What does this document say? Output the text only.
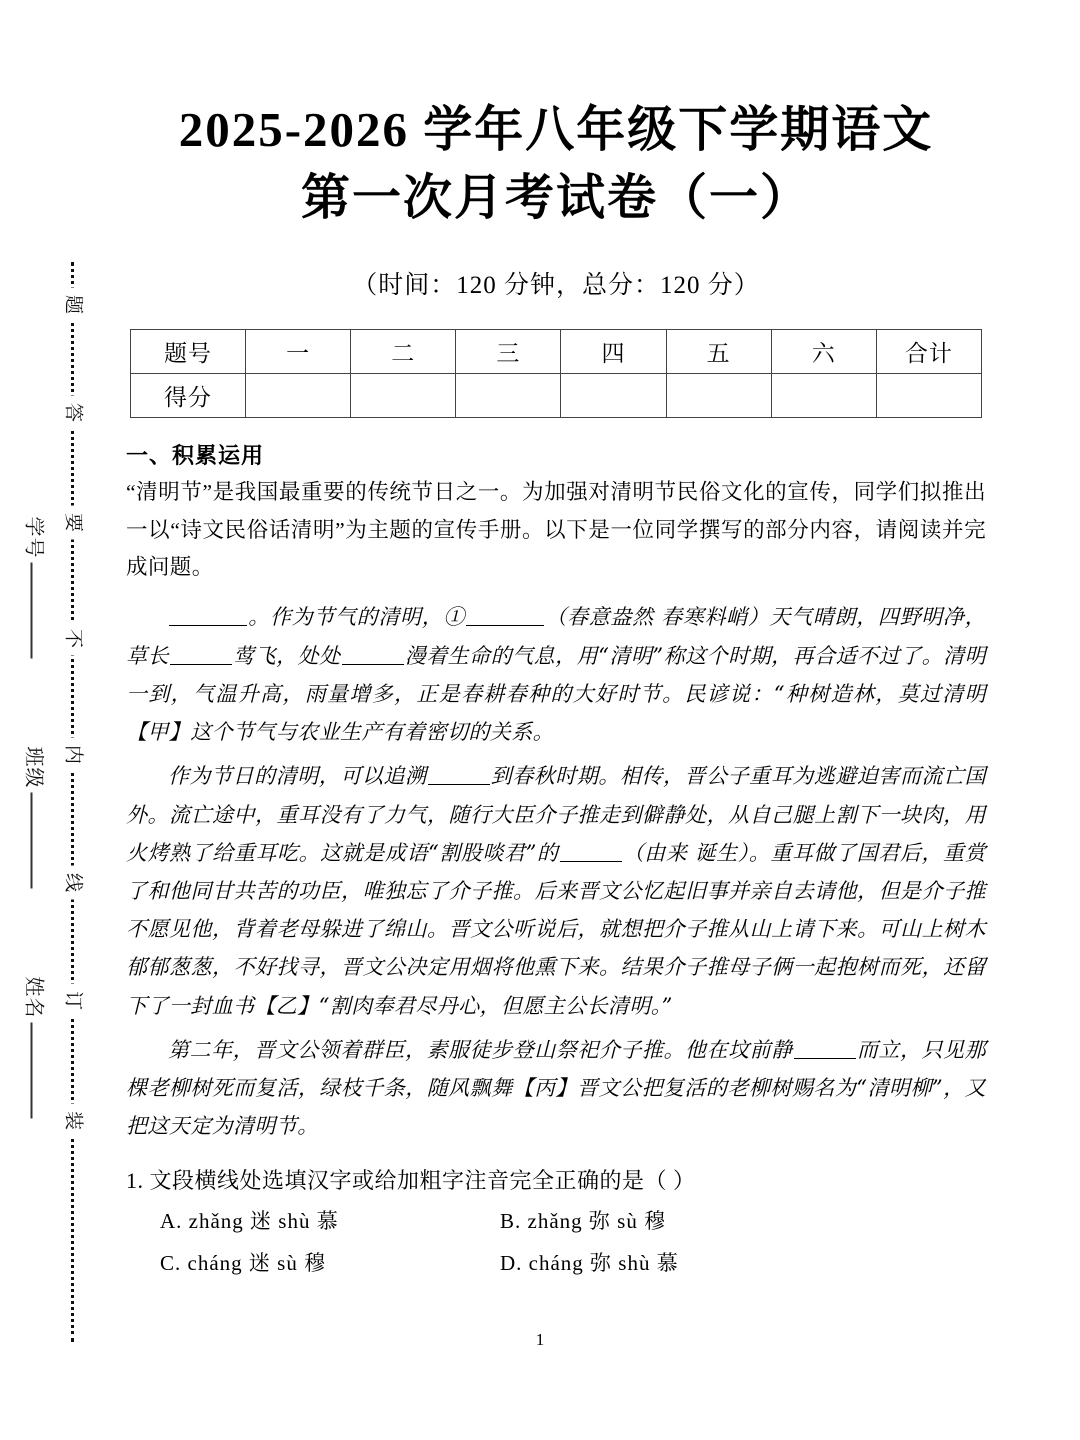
题
答
要
不
内
线
订
装
学号
班级
姓名
2025-2026 学年八年级下学期语文
第一次月考试卷（一）
（时间：120 分钟，总分：120 分）
题号	一	二	三	四	五	六	合计
得分							
一、积累运用

“清明节”是我国最重要的传统节日之一。为加强对清明节民俗文化的宣传，同学们拟推出一以“诗文民俗话清明”为主题的宣传手册。以下是一位同学撰写的部分内容，请阅读并完成问题。

。作为节气的清明，①	（春意盎然 春寒料峭）天气晴朗，四野明净，草长	莺飞，处处	漫着生命的气息，用“清明”称这个时期，再合适不过了。清明一到，气温升高，雨量增多，正是春耕春种的大好时节。民谚说：“种树造林，莫过清明【甲】这个节气与农业生产有着密切的关系。

作为节日的清明，可以追溯	到春秋时期。相传，晋公子重耳为逃避迫害而流亡国外。流亡途中，重耳没有了力气，随行大臣介子推走到僻静处，从自己腿上割下一块肉，用火烤熟了给重耳吃。这就是成语“割股啖君”的	（由来 诞生）。重耳做了国君后，重赏了和他同甘共苦的功臣，唯独忘了介子推。后来晋文公忆起旧事并亲自去请他，但是介子推不愿见他，背着老母躲进了绵山。晋文公听说后，就想把介子推从山上请下来。可山上树木郁郁葱葱，不好找寻，晋文公决定用烟将他熏下来。结果介子推母子俩一起抱树而死，还留下了一封血书【乙】“割肉奉君尽丹心，但愿主公长清明。”

第二年，晋文公领着群臣，素服徒步登山祭祀介子推。他在坟前静	而立，只见那棵老柳树死而复活，绿枝千条，随风飘舞【丙】晋文公把复活的老柳树赐名为“清明柳”，又把这天定为清明节。

1. 文段横线处选填汉字或给加粗字注音完全正确的是（ ）
A. zhǎng 迷 shù 慕	B. zhǎng 弥 sù 穆
C. cháng 迷 sù 穆	D. cháng 弥 shù 慕
1
